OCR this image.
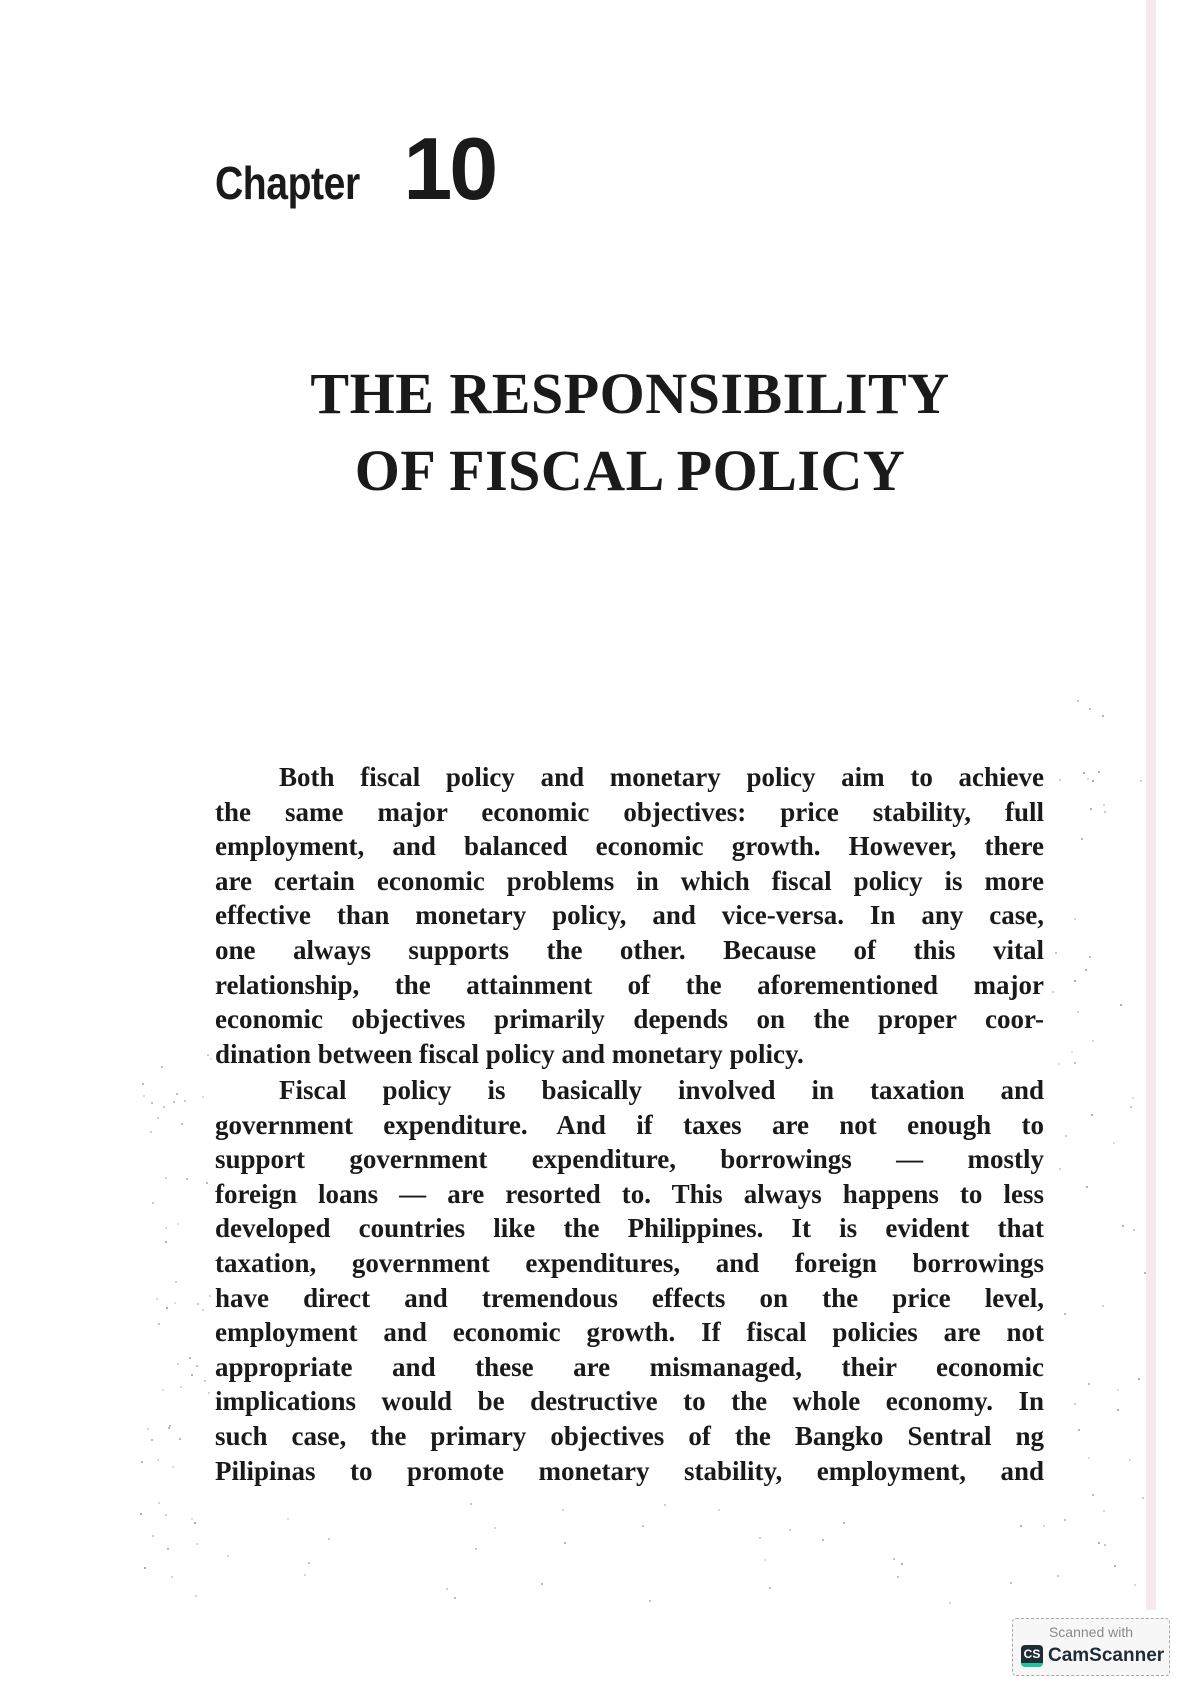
Chapter 10
THE RESPONSIBILITY
OF FISCAL POLICY
Both fiscal policy and monetary policy aim to achieve
the same major economic objectives: price stability, full
employment, and balanced economic growth. However, there
are certain economic problems in which fiscal policy is more
effective than monetary policy, and vice-versa. In any case,
one always supports the other. Because of this vital
relationship, the attainment of the aforementioned major
economic objectives primarily depends on the proper coor-
dination between fiscal policy and monetary policy.
Fiscal policy is basically involved in taxation and
government expenditure. And if taxes are not enough to
support government expenditure, borrowings — mostly
foreign loans — are resorted to. This always happens to less
developed countries like the Philippines. It is evident that
taxation, government expenditures, and foreign borrowings
have direct and tremendous effects on the price level,
employment and economic growth. If fiscal policies are not
appropriate and these are mismanaged, their economic
implications would be destructive to the whole economy. In
such case, the primary objectives of the Bangko Sentral ng
Pilipinas to promote monetary stability, employment, and
Scanned with
CS CamScanner
